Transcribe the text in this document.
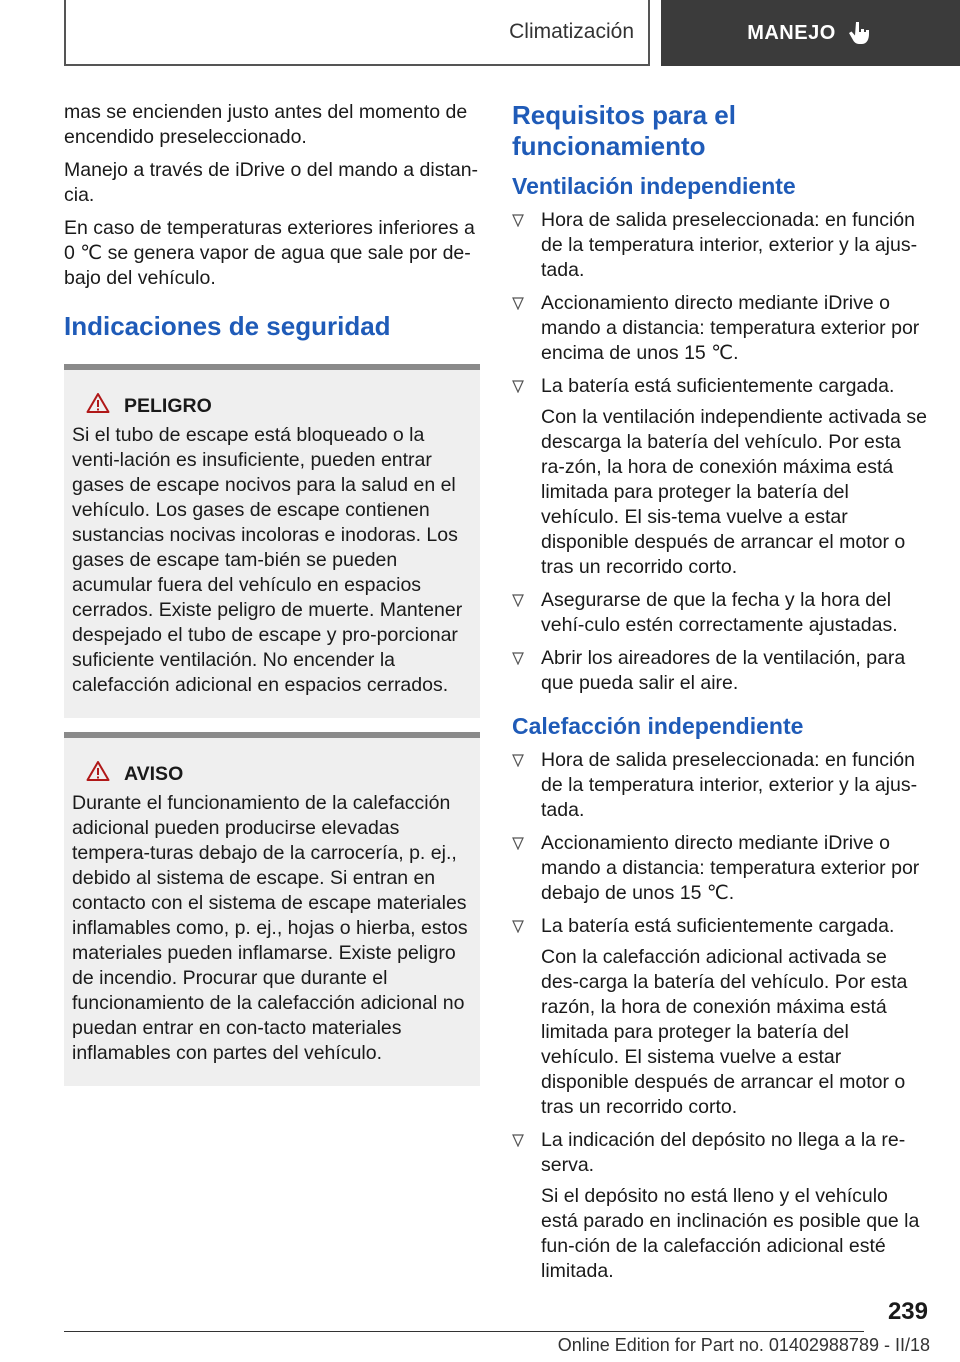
Climatización	MANEJO

mas se encienden justo antes del momento de encendido preseleccionado.

Manejo a través de iDrive o del mando a distan‐cia.

En caso de temperaturas exteriores inferiores a 0 ℃ se genera vapor de agua que sale por de‐bajo del vehículo.

Indicaciones de seguridad
PELIGRO
Si el tubo de escape está bloqueado o la venti‐lación es insuficiente, pueden entrar gases de escape nocivos para la salud en el vehículo. Los gases de escape contienen sustancias nocivas incoloras e inodoras. Los gases de escape tam‐bién se pueden acumular fuera del vehículo en espacios cerrados. Existe peligro de muerte. Mantener despejado el tubo de escape y pro‐porcionar suficiente ventilación. No encender la calefacción adicional en espacios cerrados.
AVISO
Durante el funcionamiento de la calefacción adicional pueden producirse elevadas tempera‐turas debajo de la carrocería, p. ej., debido al sistema de escape. Si entran en contacto con el sistema de escape materiales inflamables como, p. ej., hojas o hierba, estos materiales pueden inflamarse. Existe peligro de incendio. Procurar que durante el funcionamiento de la calefacción adicional no puedan entrar en con‐tacto materiales inflamables con partes del vehículo.
Requisitos para el funcionamiento
Ventilación independiente
Hora de salida preseleccionada: en función de la temperatura interior, exterior y la ajus‐tada.
Accionamiento directo mediante iDrive o mando a distancia: temperatura exterior por encima de unos 15 ℃.
La batería está suficientemente cargada.

Con la ventilación independiente activada se descarga la batería del vehículo. Por esta ra‐zón, la hora de conexión máxima está limitada para proteger la batería del vehículo. El sis‐tema vuelve a estar disponible después de arrancar el motor o tras un recorrido corto.

Asegurarse de que la fecha y la hora del vehí‐culo estén correctamente ajustadas.
Abrir los aireadores de la ventilación, para que pueda salir el aire.
Calefacción independiente
Hora de salida preseleccionada: en función de la temperatura interior, exterior y la ajus‐tada.
Accionamiento directo mediante iDrive o mando a distancia: temperatura exterior por debajo de unos 15 ℃.
La batería está suficientemente cargada.

Con la calefacción adicional activada se des‐carga la batería del vehículo. Por esta razón, la hora de conexión máxima está limitada para proteger la batería del vehículo. El sistema vuelve a estar disponible después de arrancar el motor o tras un recorrido corto.

La indicación del depósito no llega a la re‐serva.

Si el depósito no está lleno y el vehículo está parado en inclinación es posible que la fun‐ción de la calefacción adicional esté limitada.

239
Online Edition for Part no. 01402988789 - II/18
